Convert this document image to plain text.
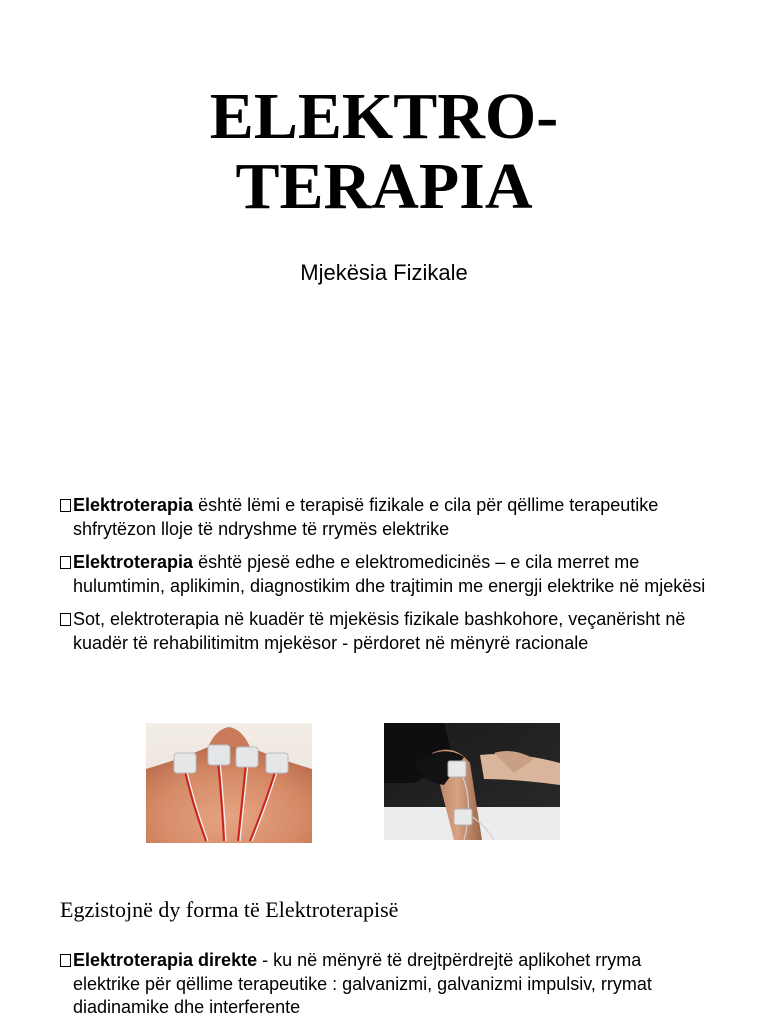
ELEKTRO-
TERAPIA
Mjekësia Fizikale
Elektroterapia është lëmi e terapisë fizikale e cila për qëllime terapeutike shfrytëzon lloje të ndryshme të rrymës elektrike
Elektroterapia është pjesë edhe e elektromedicinës – e cila merret me hulumtimin, aplikimin, diagnostikim dhe trajtimin me energji elektrike në mjekësi
Sot, elektroterapia në kuadër të mjekësis fizikale bashkohore, veçanërisht në kuadër të rehabilitimitm mjekësor - përdoret në mënyrë racionale
Egzistojnë dy forma të Elektroterapisë
Elektroterapia direkte - ku në mënyrë të drejtpërdrejtë aplikohet rryma elektrike për qëllime terapeutike : galvanizmi, galvanizmi impulsiv, rrymat diadinamike dhe interferente
